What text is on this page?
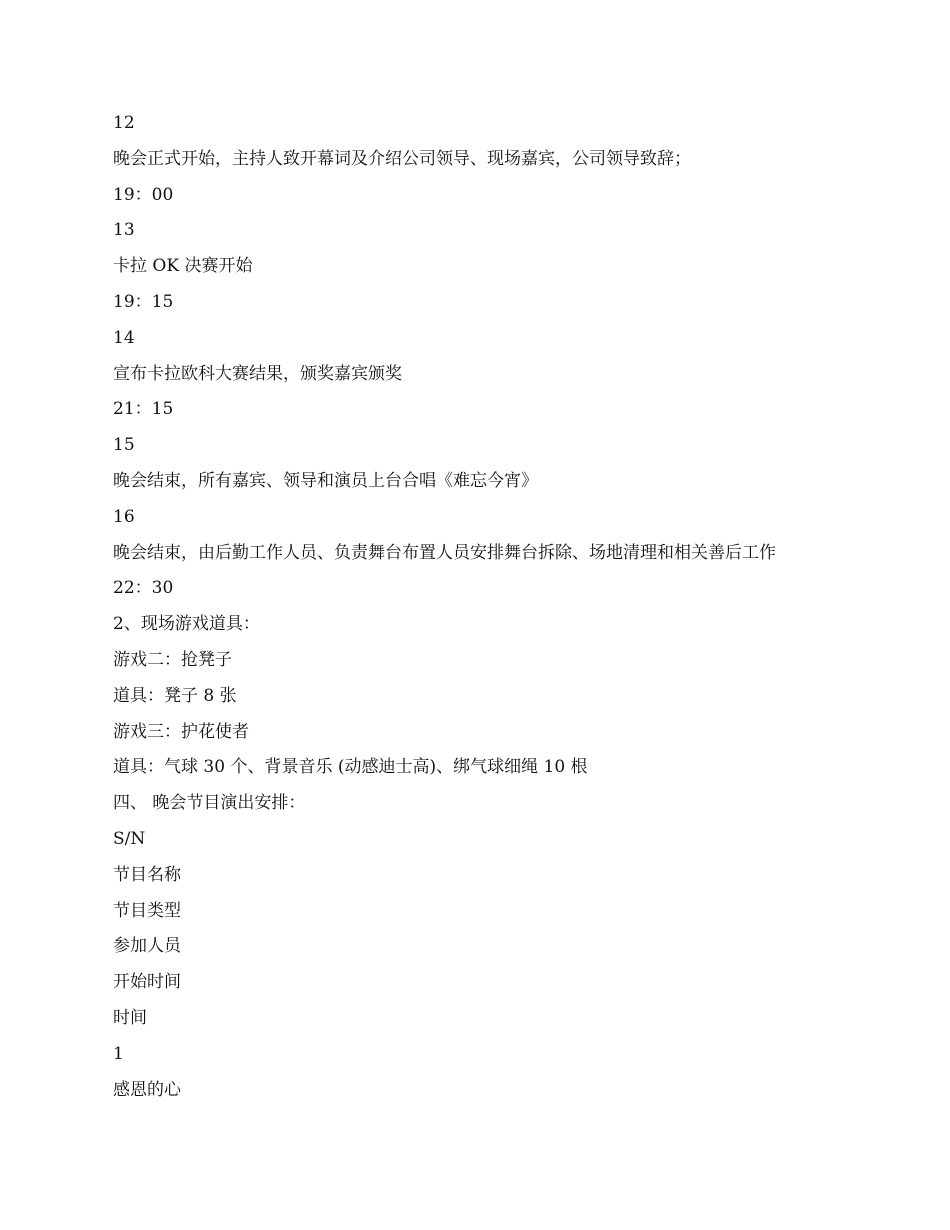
12
晚会正式开始，主持人致开幕词及介绍公司领导、现场嘉宾，公司领导致辞；
19：00
13
卡拉 OK 决赛开始
19：15
14
宣布卡拉欧科大赛结果，颁奖嘉宾颁奖
21：15
15
晚会结束，所有嘉宾、领导和演员上台合唱《难忘今宵》
16
晚会结束，由后勤工作人员、负责舞台布置人员安排舞台拆除、场地清理和相关善后工作
22：30
2、现场游戏道具：
游戏二：抢凳子
道具：凳子 8 张
游戏三：护花使者
道具：气球 30 个、背景音乐 (动感迪士高)、绑气球细绳 10 根
四、 晚会节目演出安排：
S/N
节目名称
节目类型
参加人员
开始时间
时间
1
感恩的心
